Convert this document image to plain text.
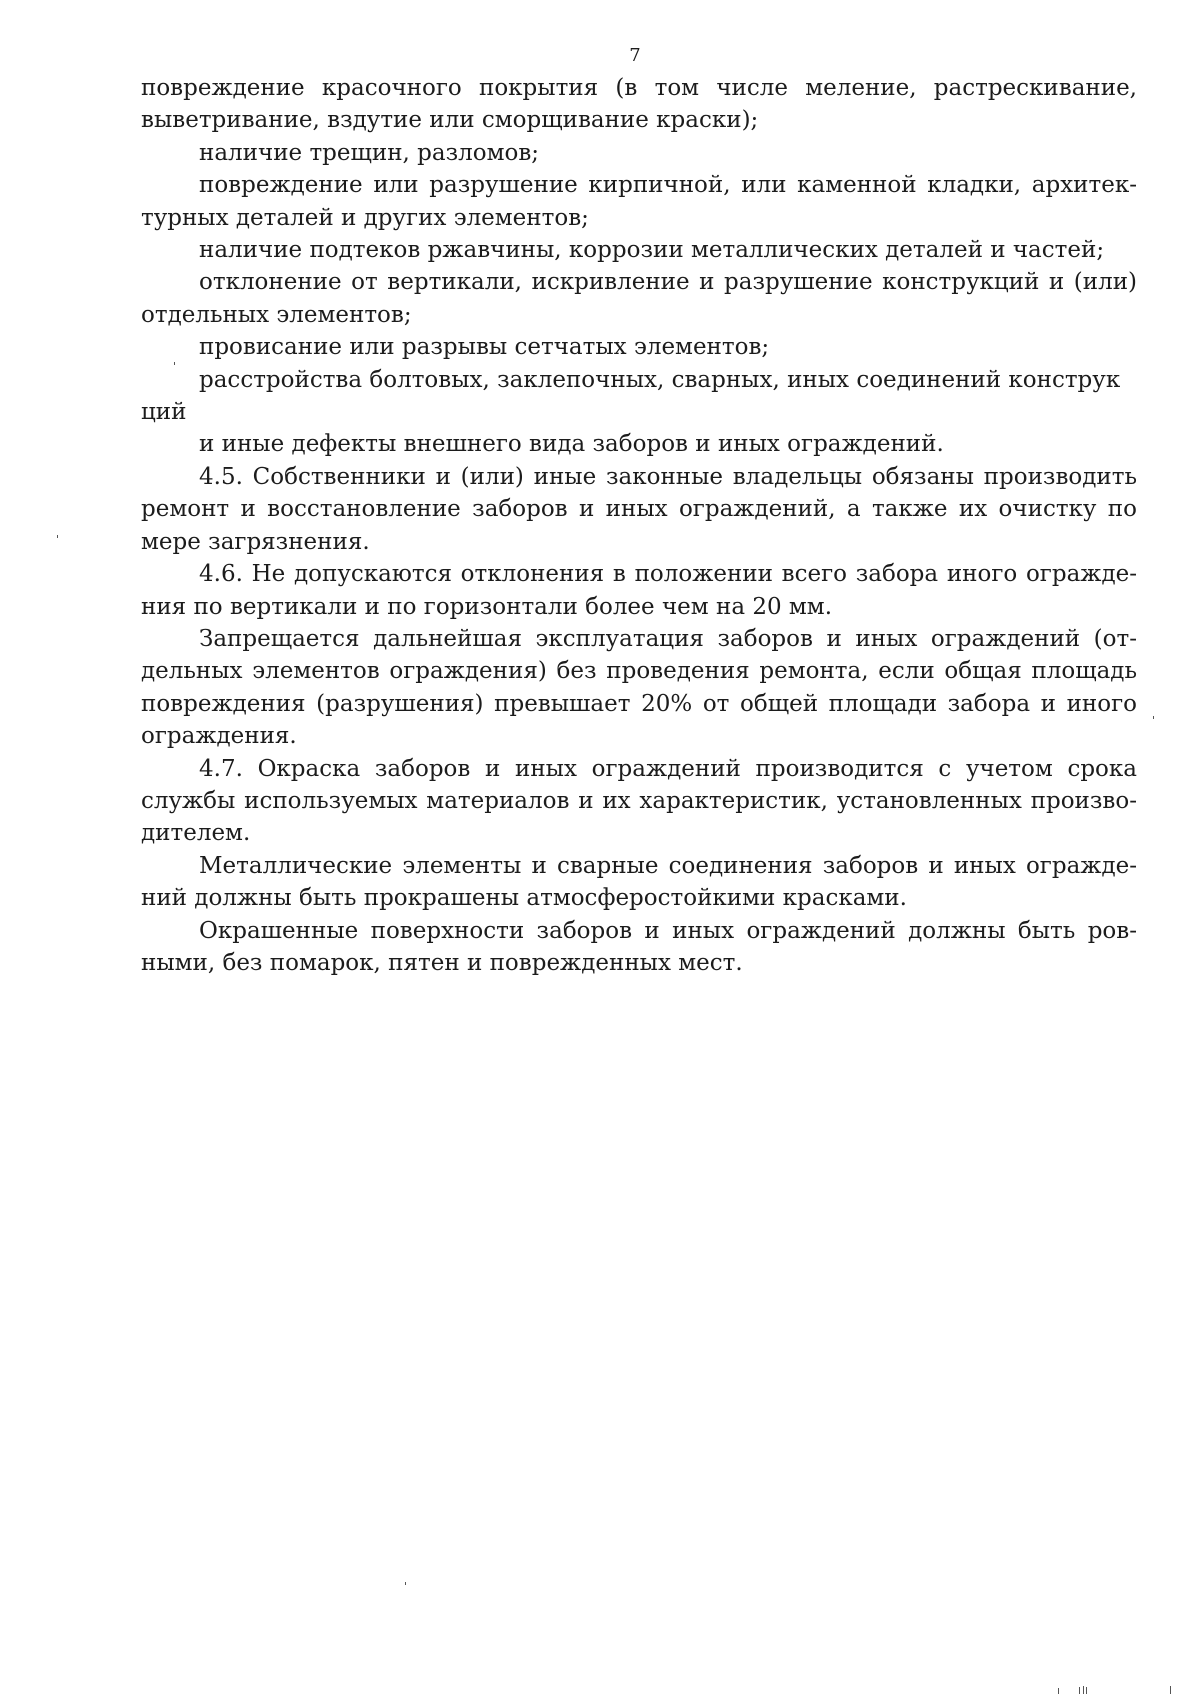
7

повреждение красочного покрытия (в том числе меление, растрескивание, выветривание, вздутие или сморщивание краски);

наличие трещин, разломов;

повреждение или разрушение кирпичной, или каменной кладки, архитектурных деталей и других элементов;

наличие подтеков ржавчины, коррозии металлических деталей и частей;

отклонение от вертикали, искривление и разрушение конструкций и (или) отдельных элементов;

провисание или разрывы сетчатых элементов;

расстройства болтовых, заклепочных, сварных, иных соединений конструк

ций

и иные дефекты внешнего вида заборов и иных ограждений.

4.5. Собственники и (или) иные законные владельцы обязаны производить ремонт и восстановление заборов и иных ограждений, а также их очистку по мере загрязнения.

4.6. Не допускаются отклонения в положении всего забора иного ограждения по вертикали и по горизонтали более чем на 20 мм.

Запрещается дальнейшая эксплуатация заборов и иных ограждений (отдельных элементов ограждения) без проведения ремонта, если общая площадь повреждения (разрушения) превышает 20% от общей площади забора и иного ограждения.

4.7. Окраска заборов и иных ограждений производится с учетом срока службы используемых материалов и их характеристик, установленных производителем.

Металлические элементы и сварные соединения заборов и иных ограждений должны быть прокрашены атмосферостойкими красками.

Окрашенные поверхности заборов и иных ограждений должны быть ровными, без помарок, пятен и поврежденных мест.
